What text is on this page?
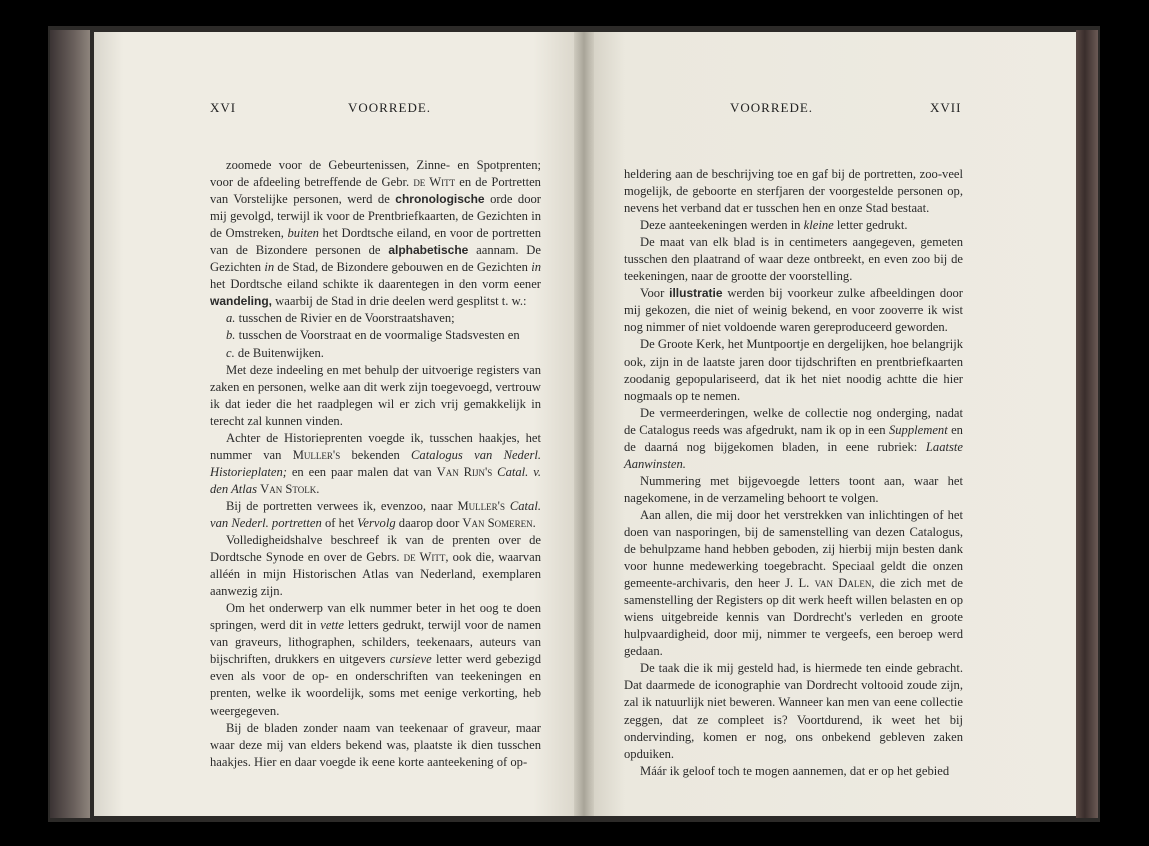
XVI	VOORREDE.	VOORREDE.	XVII

zoomede voor de Gebeurtenissen, Zinne- en Spotprenten; voor de afdeeling betreffende de Gebr. de Witt en de Portretten van Vorstelijke personen, werd de chronologische orde door mij gevolgd, terwijl ik voor de Prentbriefkaarten, de Gezichten in de Omstreken, buiten het Dordtsche eiland, en voor de portretten van de Bizondere personen de alphabetische aannam. De Gezichten in de Stad, de Bizondere gebouwen en de Gezichten in het Dordtsche eiland schikte ik daarentegen in den vorm eener wandeling, waarbij de Stad in drie deelen werd gesplitst t. w.:

a. tusschen de Rivier en de Voorstraatshaven;

b. tusschen de Voorstraat en de voormalige Stadsvesten en

c. de Buitenwijken.

Met deze indeeling en met behulp der uitvoerige registers van zaken en personen, welke aan dit werk zijn toegevoegd, vertrouw ik dat ieder die het raadplegen wil er zich vrij gemakkelijk in terecht zal kunnen vinden.

Achter de Historieprenten voegde ik, tusschen haakjes, het nummer van Muller's bekenden Catalogus van Nederl. Historieplaten; en een paar malen dat van Van Rijn's Catal. v. den Atlas Van Stolk.

Bij de portretten verwees ik, evenzoo, naar Muller's Catal. van Nederl. portretten of het Vervolg daarop door Van Someren.

Volledigheidshalve beschreef ik van de prenten over de Dordtsche Synode en over de Gebrs. de Witt, ook die, waarvan alléén in mijn Historischen Atlas van Nederland, exemplaren aanwezig zijn.

Om het onderwerp van elk nummer beter in het oog te doen springen, werd dit in vette letters gedrukt, terwijl voor de namen van graveurs, lithographen, schilders, teekenaars, auteurs van bijschriften, drukkers en uitgevers cursieve letter werd gebezigd even als voor de op- en onderschriften van teekeningen en prenten, welke ik woordelijk, soms met eenige verkorting, heb weergegeven.

Bij de bladen zonder naam van teekenaar of graveur, maar waar deze mij van elders bekend was, plaatste ik dien tusschen haakjes. Hier en daar voegde ik eene korte aanteekening of op-

heldering aan de beschrijving toe en gaf bij de portretten, zoo-veel mogelijk, de geboorte en sterfjaren der voorgestelde personen op, nevens het verband dat er tusschen hen en onze Stad bestaat.

Deze aanteekeningen werden in kleine letter gedrukt.

De maat van elk blad is in centimeters aangegeven, gemeten tusschen den plaatrand of waar deze ontbreekt, en even zoo bij de teekeningen, naar de grootte der voorstelling.

Voor illustratie werden bij voorkeur zulke afbeeldingen door mij gekozen, die niet of weinig bekend, en voor zooverre ik wist nog nimmer of niet voldoende waren gereproduceerd geworden.

De Groote Kerk, het Muntpoortje en dergelijken, hoe belangrijk ook, zijn in de laatste jaren door tijdschriften en prentbriefkaarten zoodanig gepopulariseerd, dat ik het niet noodig achtte die hier nogmaals op te nemen.

De vermeerderingen, welke de collectie nog onderging, nadat de Catalogus reeds was afgedrukt, nam ik op in een Supplement en de daarná nog bijgekomen bladen, in eene rubriek: Laatste Aanwinsten.

Nummering met bijgevoegde letters toont aan, waar het nagekomene, in de verzameling behoort te volgen.

Aan allen, die mij door het verstrekken van inlichtingen of het doen van nasporingen, bij de samenstelling van dezen Catalogus, de behulpzame hand hebben geboden, zij hierbij mijn besten dank voor hunne medewerking toegebracht. Speciaal geldt die onzen gemeente-archivaris, den heer J. L. van Dalen, die zich met de samenstelling der Registers op dit werk heeft willen belasten en op wiens uitgebreide kennis van Dordrecht's verleden en groote hulpvaardigheid, door mij, nimmer te vergeefs, een beroep werd gedaan.

De taak die ik mij gesteld had, is hiermede ten einde gebracht. Dat daarmede de iconographie van Dordrecht voltooid zoude zijn, zal ik natuurlijk niet beweren. Wanneer kan men van eene collectie zeggen, dat ze compleet is? Voortdurend, ik weet het bij ondervinding, komen er nog, ons onbekend gebleven zaken opduiken.

Máár ik geloof toch te mogen aannemen, dat er op het gebied
